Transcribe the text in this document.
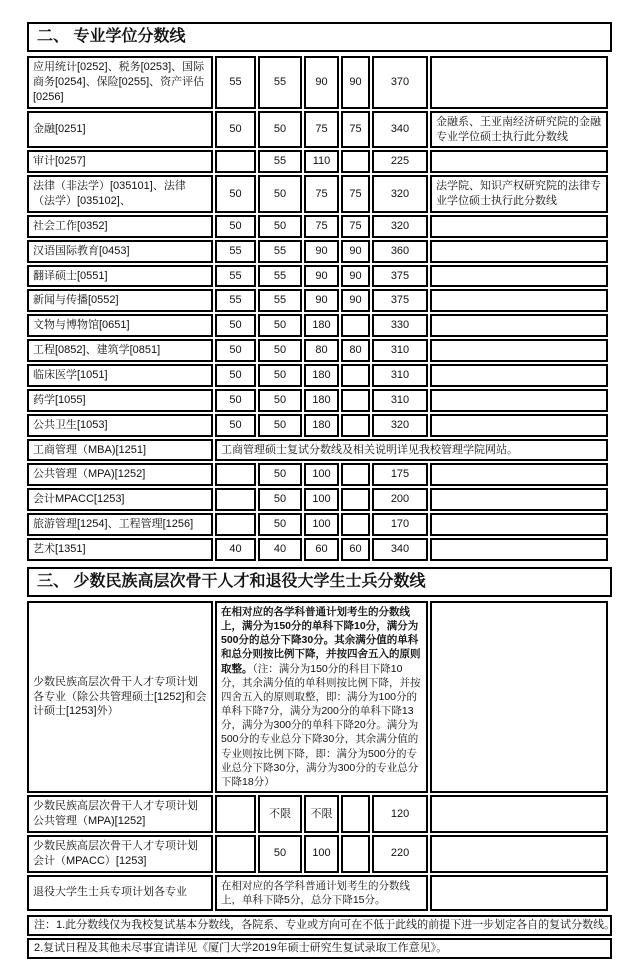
二、 专业学位分数线
应用统计[0252]、税务[0253]、国际商务[0254]、保险[0255]、资产评估[0256]	55	55	90	90	370	
金融[0251]	50	50	75	75	340	金融系、王亚南经济研究院的金融专业学位硕士执行此分数线
审计[0257]		55	110		225	
法律（非法学）[035101]、法律（法学）[035102]、	50	50	75	75	320	法学院、知识产权研究院的法律专业学位硕士执行此分数线
社会工作[0352]	50	50	75	75	320	
汉语国际教育[0453]	55	55	90	90	360	
翻译硕士[0551]	55	55	90	90	375	
新闻与传播[0552]	55	55	90	90	375	
文物与博物馆[0651]	50	50	180		330	
工程[0852]、建筑学[0851]	50	50	80	80	310	
临床医学[1051]	50	50	180		310	
药学[1055]	50	50	180		310	
公共卫生[1053]	50	50	180		320	
工商管理（MBA)[1251]	工商管理硕士复试分数线及相关说明详见我校管理学院网站。					
公共管理（MPA)[1252]		50	100		175	
会计MPACC[1253]		50	100		200	
旅游管理[1254]、工程管理[1256]		50	100		170	
艺术[1351]	40	40	60	60	340	
三、 少数民族高层次骨干人才和退役大学生士兵分数线
少数民族高层次骨干人才专项计划各专业（除公共管理硕士[1252]和会计硕士[1253]外）	在相对应的各学科普通计划考生的分数线上，满分为150分的单科下降10分，满分为500分的总分下降30分。其余满分值的单科和总分则按比例下降，并按四舍五入的原则取整。（注：满分为150分的科目下降10分，其余满分值的单科则按比例下降，并按四舍五入的原则取整，即：满分为100分的单科下降7分，满分为200分的单科下降13分，满分为300分的单科下降20分。满分为500分的专业总分下降30分，其余满分值的专业则按比例下降，即：满分为500分的专业总分下降30分，满分为300分的专业总分下降18分）					
少数民族高层次骨干人才专项计划公共管理（MPA)[1252]		不限	不限		120	
少数民族高层次骨干人才专项计划会计（MPACC）[1253]		50	100		220	
退役大学生士兵专项计划各专业	在相对应的各学科普通计划考生的分数线上，单科下降5分，总分下降15分。					
注：1.此分数线仅为我校复试基本分数线，各院系、专业或方向可在不低于此线的前提下进一步划定各自的复试分数线。
2.复试日程及其他未尽事宜请详见《厦门大学2019年硕士研究生复试录取工作意见》。
